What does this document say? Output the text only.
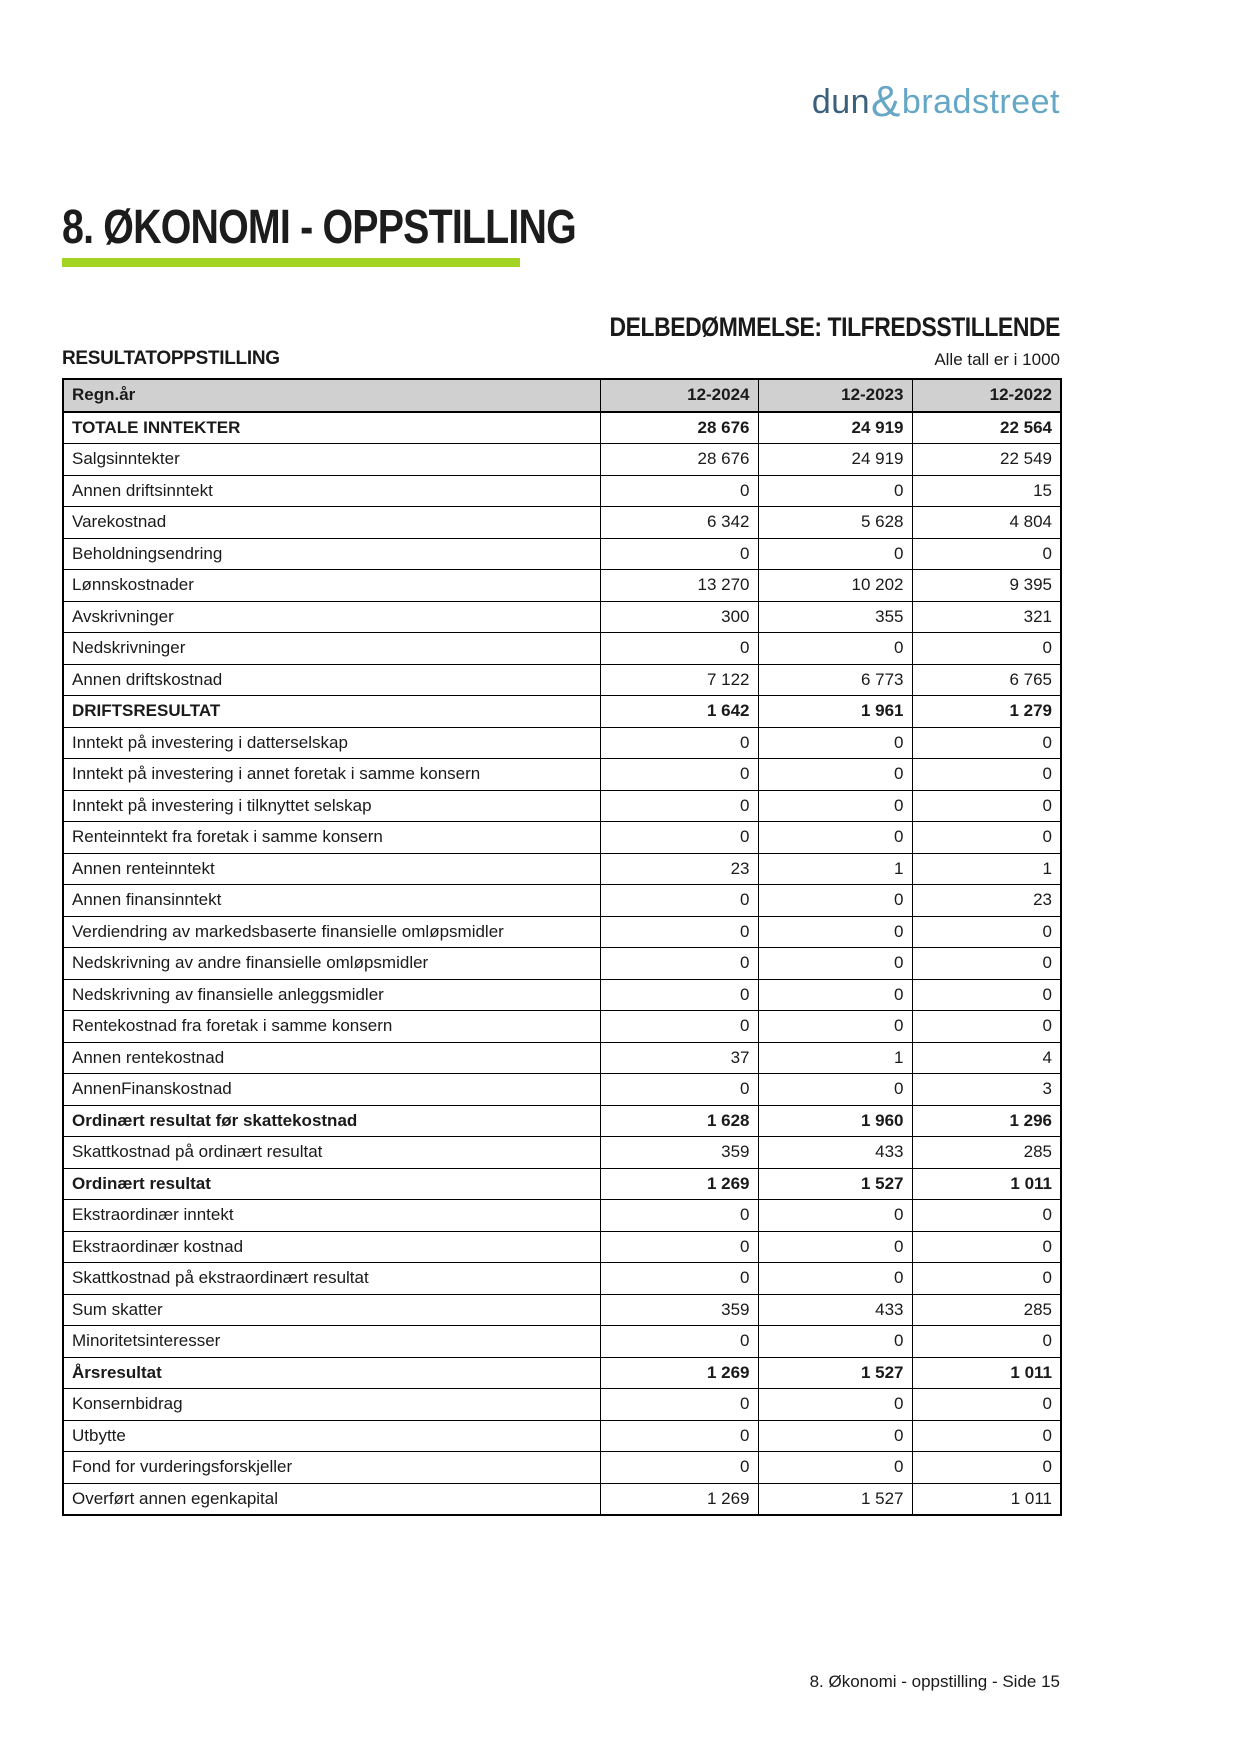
dun&bradstreet
8. ØKONOMI - OPPSTILLING
DELBEDØMMELSE: TILFREDSSTILLENDE
RESULTATOPPSTILLING	Alle tall er i 1000
Regn.år	12-2024	12-2023	12-2022
TOTALE INNTEKTER	28 676	24 919	22 564
Salgsinntekter	28 676	24 919	22 549
Annen driftsinntekt	0	0	15
Varekostnad	6 342	5 628	4 804
Beholdningsendring	0	0	0
Lønnskostnader	13 270	10 202	9 395
Avskrivninger	300	355	321
Nedskrivninger	0	0	0
Annen driftskostnad	7 122	6 773	6 765
DRIFTSRESULTAT	1 642	1 961	1 279
Inntekt på investering i datterselskap	0	0	0
Inntekt på investering i annet foretak i samme konsern	0	0	0
Inntekt på investering i tilknyttet selskap	0	0	0
Renteinntekt fra foretak i samme konsern	0	0	0
Annen renteinntekt	23	1	1
Annen finansinntekt	0	0	23
Verdiendring av markedsbaserte finansielle omløpsmidler	0	0	0
Nedskrivning av andre finansielle omløpsmidler	0	0	0
Nedskrivning av finansielle anleggsmidler	0	0	0
Rentekostnad fra foretak i samme konsern	0	0	0
Annen rentekostnad	37	1	4
AnnenFinanskostnad	0	0	3
Ordinært resultat før skattekostnad	1 628	1 960	1 296
Skattkostnad på ordinært resultat	359	433	285
Ordinært resultat	1 269	1 527	1 011
Ekstraordinær inntekt	0	0	0
Ekstraordinær kostnad	0	0	0
Skattkostnad på ekstraordinært resultat	0	0	0
Sum skatter	359	433	285
Minoritetsinteresser	0	0	0
Årsresultat	1 269	1 527	1 011
Konsernbidrag	0	0	0
Utbytte	0	0	0
Fond for vurderingsforskjeller	0	0	0
Overført annen egenkapital	1 269	1 527	1 011
8. Økonomi - oppstilling - Side 15
